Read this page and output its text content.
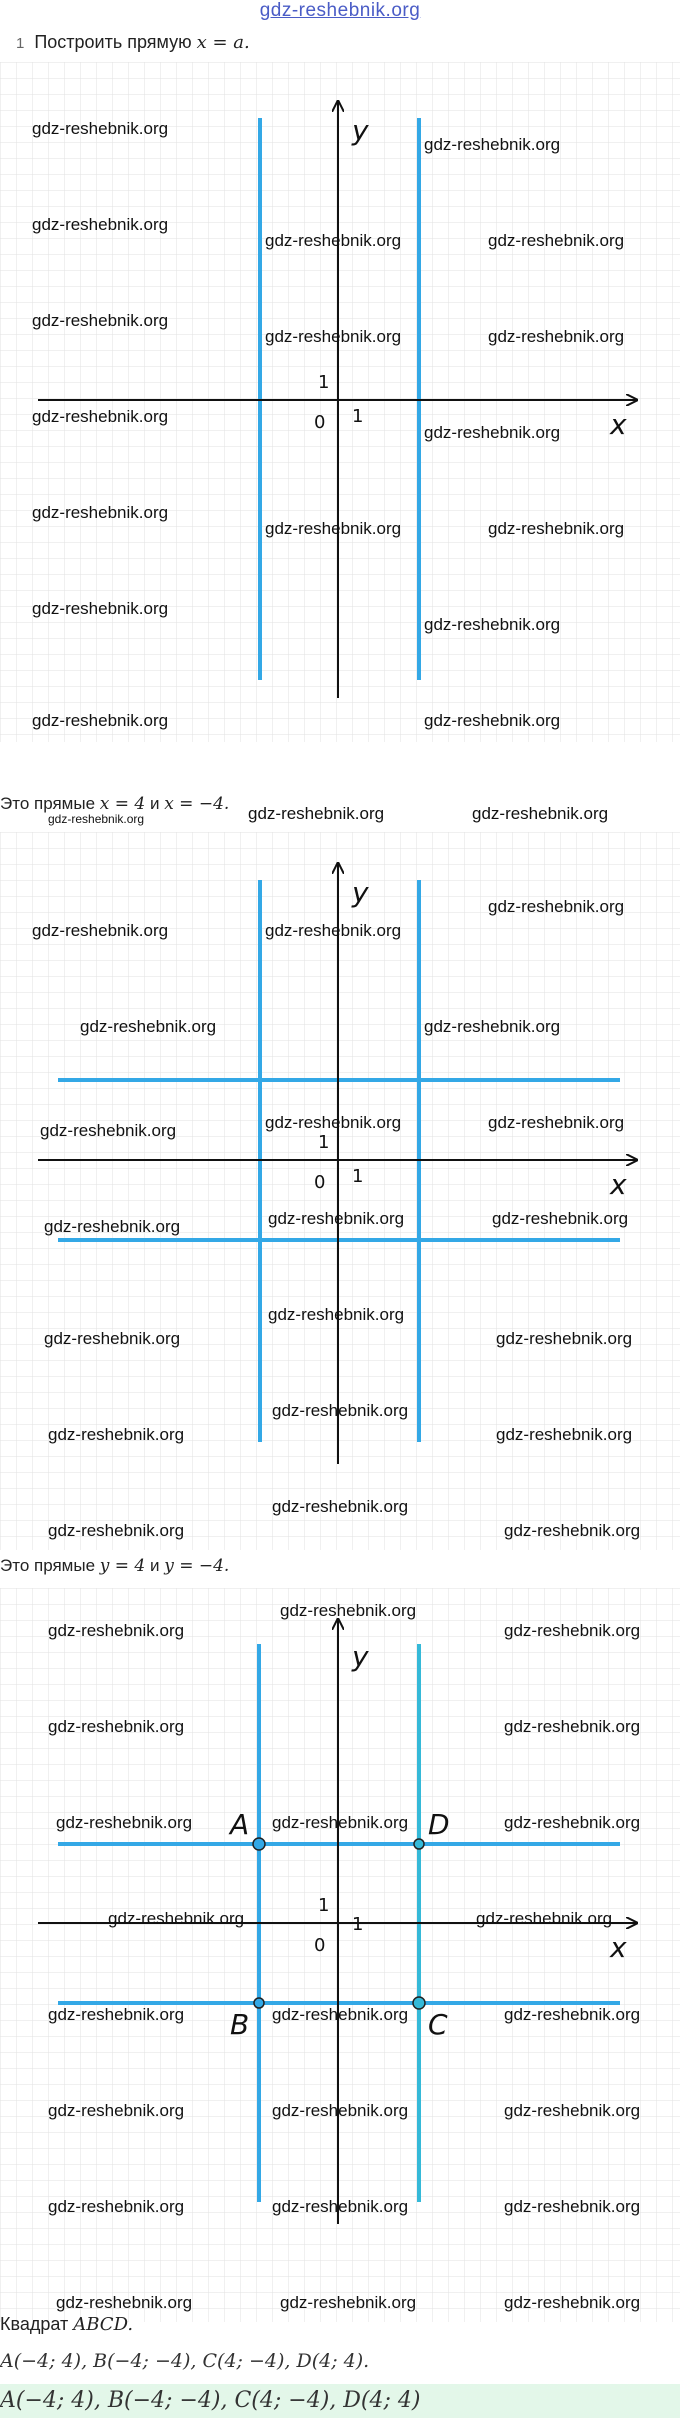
gdz-reshebnik.org
1 Построить прямую x = a.
x
y
0 1
1
gdz-reshebnik.org
gdz-reshebnik.org
gdz-reshebnik.org
gdz-reshebnik.org	gdz-reshebnik.org
gdz-reshebnik.org
gdz-reshebnik.org	gdz-reshebnik.org
gdz-reshebnik.org
gdz-reshebnik.org
gdz-reshebnik.org
gdz-reshebnik.org	gdz-reshebnik.org
gdz-reshebnik.org
gdz-reshebnik.org
gdz-reshebnik.org	gdz-reshebnik.org
Это прямые x = 4 и x = −4.
gdz-reshebnik.org	gdz-reshebnik.org	gdz-reshebnik.org
x
y
0 1
1
gdz-reshebnik.org
gdz-reshebnik.org	gdz-reshebnik.org
gdz-reshebnik.org	gdz-reshebnik.org
gdz-reshebnik.org	gdz-reshebnik.org
gdz-reshebnik.org
gdz-reshebnik.org	gdz-reshebnik.org	gdz-reshebnik.org
gdz-reshebnik.org
gdz-reshebnik.org	gdz-reshebnik.org
gdz-reshebnik.org
gdz-reshebnik.org	gdz-reshebnik.org
gdz-reshebnik.org
gdz-reshebnik.org	gdz-reshebnik.org
Это прямые y = 4 и y = −4.
x
y
0
1
1
A	D
B	C
gdz-reshebnik.org
gdz-reshebnik.org	gdz-reshebnik.org
gdz-reshebnik.org	gdz-reshebnik.org
gdz-reshebnik.org	gdz-reshebnik.org	gdz-reshebnik.org
gdz-reshebnik.org	gdz-reshebnik.org
gdz-reshebnik.org	gdz-reshebnik.org	gdz-reshebnik.org
gdz-reshebnik.org	gdz-reshebnik.org	gdz-reshebnik.org
gdz-reshebnik.org	gdz-reshebnik.org	gdz-reshebnik.org
gdz-reshebnik.org	gdz-reshebnik.org	gdz-reshebnik.org
Квадрат ABCD.
A(−4; 4), B(−4; −4), C(4; −4), D(4; 4).
A(−4; 4), B(−4; −4), C(4; −4), D(4; 4)
